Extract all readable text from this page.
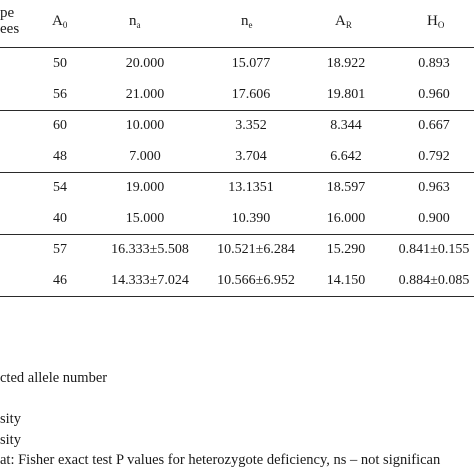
pe
ees $A_0$	$n_a$	$n_e$	$A_R$	$H_O$
50	20.000	15.077	18.922	0.893
56	21.000	17.606	19.801	0.960
60	10.000	3.352	8.344	0.667
48	7.000	3.704	6.642	0.792
54	19.000	13.1351	18.597	0.963
40	15.000	10.390	16.000	0.900
57	16.333±5.508	10.521±6.284	15.290	0.841±0.155
46	14.333±7.024	10.566±6.952	14.150	0.884±0.085
cted allele number
sity
sity
at: Fisher exact test P values for heterozygote deficiency, ns – not significan
